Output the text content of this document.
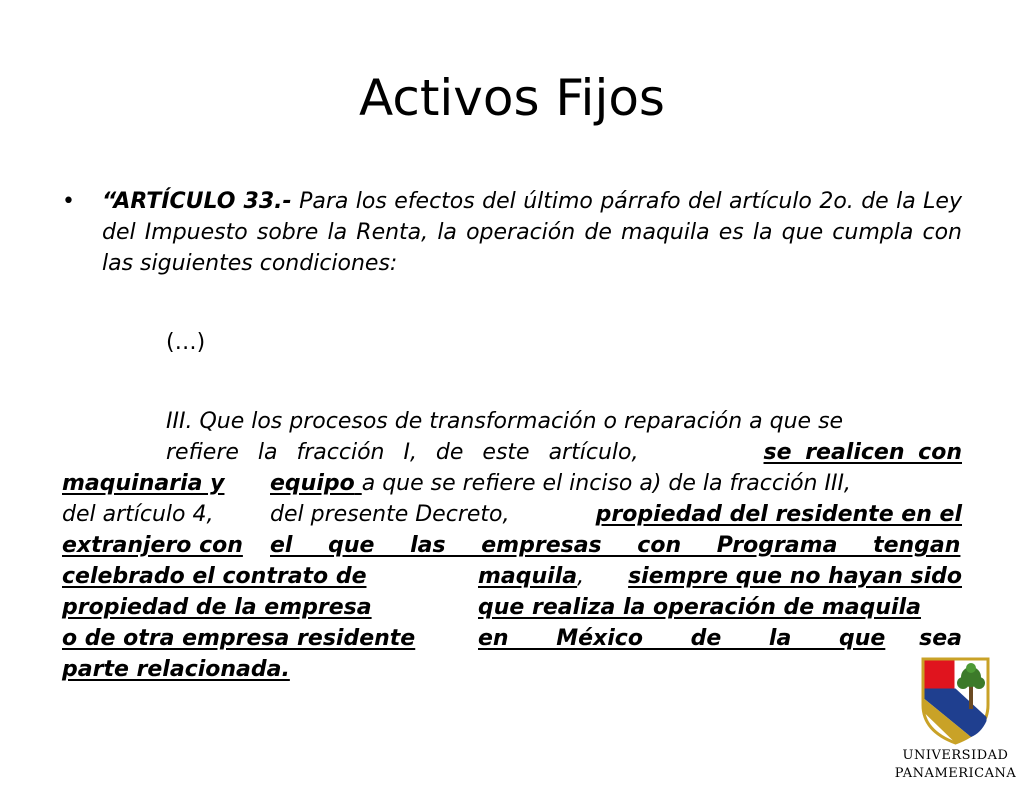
Activos Fijos
• “ARTÍCULO 33.- Para los efectos del último párrafo del artículo 2o. de la Ley del Impuesto sobre la Renta, la operación de maquila es la que cumpla con las siguientes condiciones:
(…)
III. Que los procesos de transformación o reparación a que se
refiere la fracción I, de este artículo,	se realicen con
maquinaria y equipo a que se refiere el inciso a) de la fracción III,
del artículo 4,	del presente Decreto,	propiedad del residente en el
extranjero con el que las empresas con Programa tengan
celebrado el contrato de	maquila, siempre que no hayan sido
propiedad de la empresa	que realiza la operación de maquila
o de otra empresa residente	en México de la que sea
parte relacionada.
UNIVERSIDAD
PANAMERICANA
